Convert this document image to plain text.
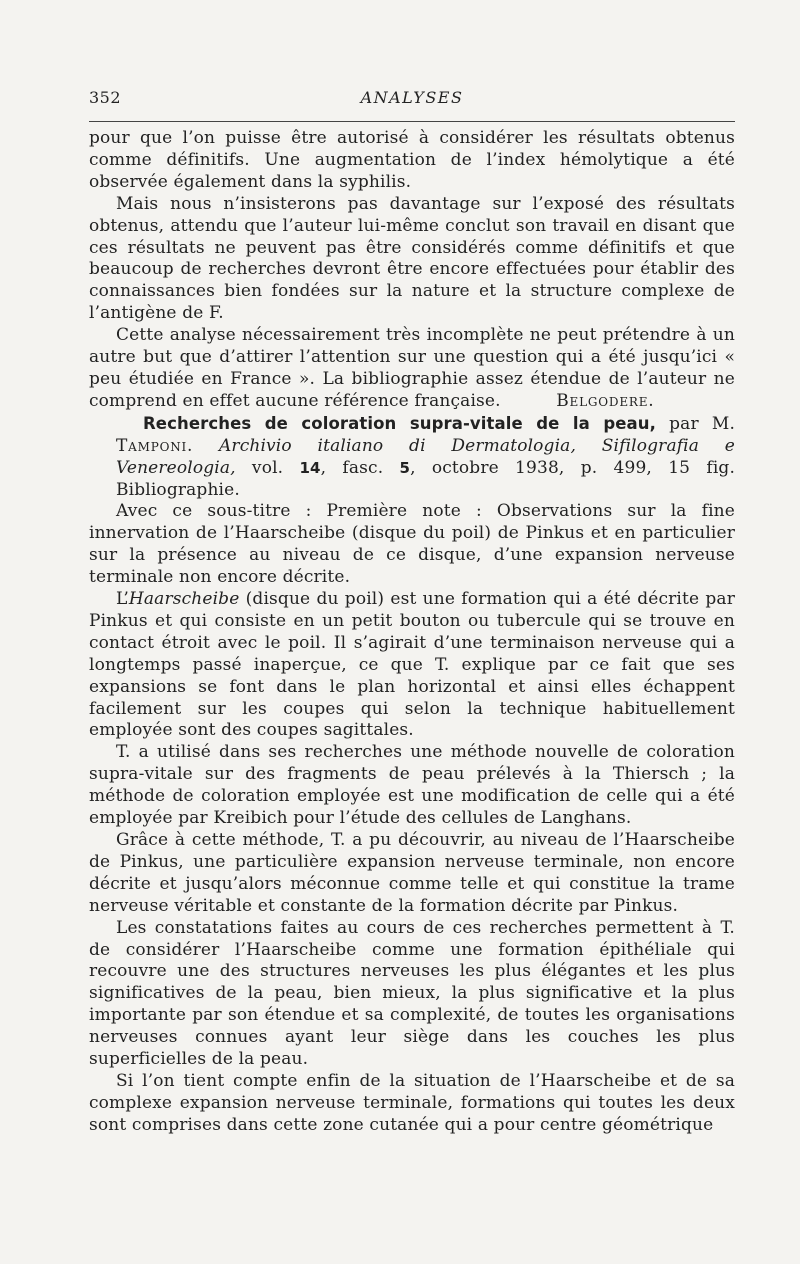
352	ANALYSES

pour que l’on puisse être autorisé à considérer les résultats obtenus comme définitifs. Une augmentation de l’index hémolytique a été observée également dans la syphilis.

Mais nous n’insisterons pas davantage sur l’exposé des résultats obtenus, attendu que l’auteur lui-même conclut son travail en disant que ces résultats ne peuvent pas être considérés comme définitifs et que beaucoup de recherches devront être encore effectuées pour établir des connaissances bien fondées sur la nature et la structure complexe de l’antigène de F.

Cette analyse nécessairement très incomplète ne peut prétendre à un autre but que d’attirer l’attention sur une question qui a été jusqu’ici « peu étudiée en France ». La bibliographie assez étendue de l’auteur ne comprend en effet aucune référence française.	Belgodere.

Recherches de coloration supra-vitale de la peau, par M. Tamponi. Archivio italiano di Dermatologia, Sifilografia e Venereologia, vol. 14, fasc. 5, octobre 1938, p. 499, 15 fig. Bibliographie.

Avec ce sous-titre : Première note : Observations sur la fine innervation de l’Haarscheibe (disque du poil) de Pinkus et en particulier sur la présence au niveau de ce disque, d’une expansion nerveuse terminale non encore décrite.

L’Haarscheibe (disque du poil) est une formation qui a été décrite par Pinkus et qui consiste en un petit bouton ou tubercule qui se trouve en contact étroit avec le poil. Il s’agirait d’une terminaison nerveuse qui a longtemps passé inaperçue, ce que T. explique par ce fait que ses expansions se font dans le plan horizontal et ainsi elles échappent facilement sur les coupes qui selon la technique habituellement employée sont des coupes sagittales.

T. a utilisé dans ses recherches une méthode nouvelle de coloration supra-vitale sur des fragments de peau prélevés à la Thiersch ; la méthode de coloration employée est une modification de celle qui a été employée par Kreibich pour l’étude des cellules de Langhans.

Grâce à cette méthode, T. a pu découvrir, au niveau de l’Haarscheibe de Pinkus, une particulière expansion nerveuse terminale, non encore décrite et jusqu’alors méconnue comme telle et qui constitue la trame nerveuse véritable et constante de la formation décrite par Pinkus.

Les constatations faites au cours de ces recherches permettent à T. de considérer l’Haarscheibe comme une formation épithéliale qui recouvre une des structures nerveuses les plus élégantes et les plus significatives de la peau, bien mieux, la plus significative et la plus importante par son étendue et sa complexité, de toutes les organisations nerveuses connues ayant leur siège dans les couches les plus superficielles de la peau.

Si l’on tient compte enfin de la situation de l’Haarscheibe et de sa complexe expansion nerveuse terminale, formations qui toutes les deux sont comprises dans cette zone cutanée qui a pour centre géométrique
